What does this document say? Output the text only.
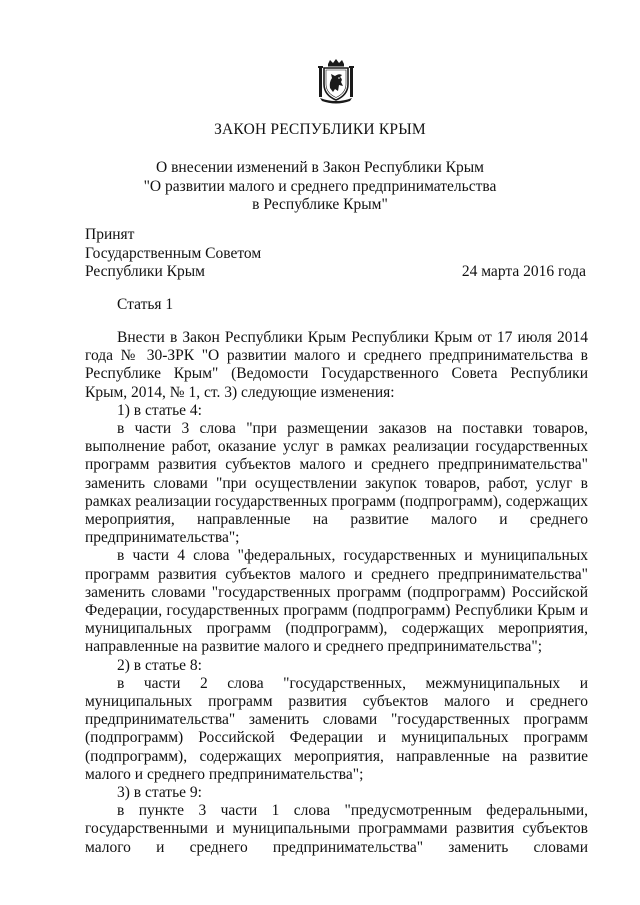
ЗАКОН РЕСПУБЛИКИ КРЫМ
О внесении изменений в Закон Республики Крым
"О развитии малого и среднего предпринимательства
в Республике Крым"
Принят
Государственным Советом
Республики Крым	24 марта 2016 года
Статья 1

Внести в Закон Республики Крым Республики Крым от 17 июля 2014 года № 30-ЗРК "О развитии малого и среднего предпринимательства в Республике Крым" (Ведомости Государственного Совета Республики Крым, 2014, № 1, ст. 3) следующие изменения:

1) в статье 4:

в части 3 слова "при размещении заказов на поставки товаров, выполнение работ, оказание услуг в рамках реализации государственных программ развития субъектов малого и среднего предпринимательства" заменить словами "при осуществлении закупок товаров, работ, услуг в рамках реализации государственных программ (подпрограмм), содержащих мероприятия, направленные на развитие малого и среднего предпринимательства";

в части 4 слова "федеральных, государственных и муниципальных программ развития субъектов малого и среднего предпринимательства" заменить словами "государственных программ (подпрограмм) Российской Федерации, государственных программ (подпрограмм) Республики Крым и муниципальных программ (подпрограмм), содержащих мероприятия, направленные на развитие малого и среднего предпринимательства";

2) в статье 8:

в части 2 слова "государственных, межмуниципальных и муниципальных программ развития субъектов малого и среднего предпринимательства" заменить словами "государственных программ (подпрограмм) Российской Федерации и муниципальных программ (подпрограмм), содержащих мероприятия, направленные на развитие малого и среднего предпринимательства";

3) в статье 9:

в пункте 3 части 1 слова "предусмотренным федеральными, государственными и муниципальными программами развития субъектов малого и среднего предпринимательства" заменить словами
